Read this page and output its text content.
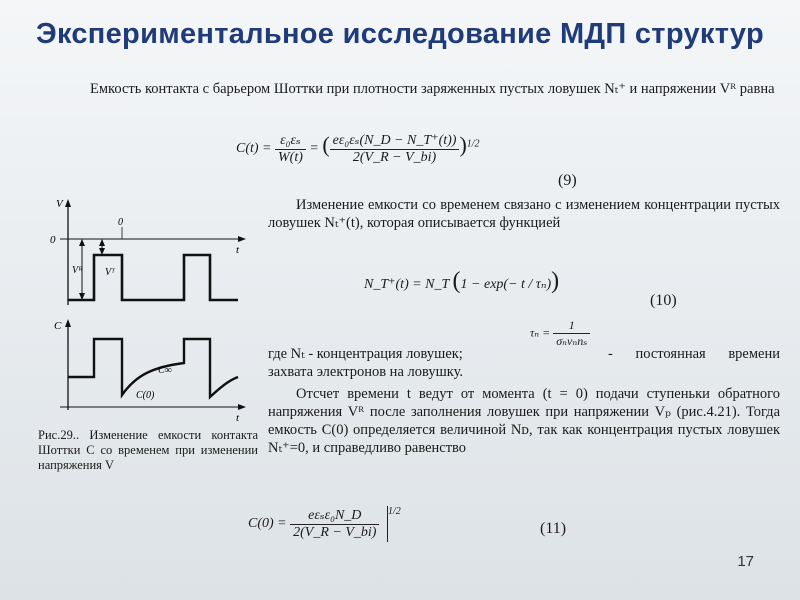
Экспериментальное исследование МДП структур
Емкость контакта с барьером Шоттки при плотности заряженных пустых ловушек Nₜ⁺ и напряжении Vᴿ равна
$C(t) = \frac{\text{ε₀εₛ}}{W(t)}$ = ( $\frac{\text{eε₀εₛ(N\_D − N\_T⁺(t))}}{2(V\_R - V\_bi)} )^{1/2}$
(9)
V
t
0
0
Vᴿ Vᵀ
C
t
C∞
C(0)
Изменение емкости со временем связано с изменением концентрации пустых ловушек Nₜ⁺(t), которая описывается функцией
N_T⁺(t) = N_T (1 − exp(− t / τₙ))
(10)
где Nₜ - концентрация ловушек;
$\tau_n = \frac{1}{\text{σₙvₙnₛ}}$
- постоянная времени захвата электронов на ловушку.
Отсчет времени t ведут от момента (t = 0) подачи ступеньки обратного напряжения Vᴿ после заполнения ловушек при напряжении Vₚ (рис.4.21). Тогда емкость C(0) определяется величиной Nᴅ, так как концентрация пустых ловушек Nₜ⁺=0, и справедливо равенство
Рис.29.. Изменение емкости контакта Шоттки C со временем при изменении напряжения V
$C(0) = \frac{\text{eεₛε₀N\_D}}{2(V\_R - V\_bi)} ^{1/2}$
(11)
17
